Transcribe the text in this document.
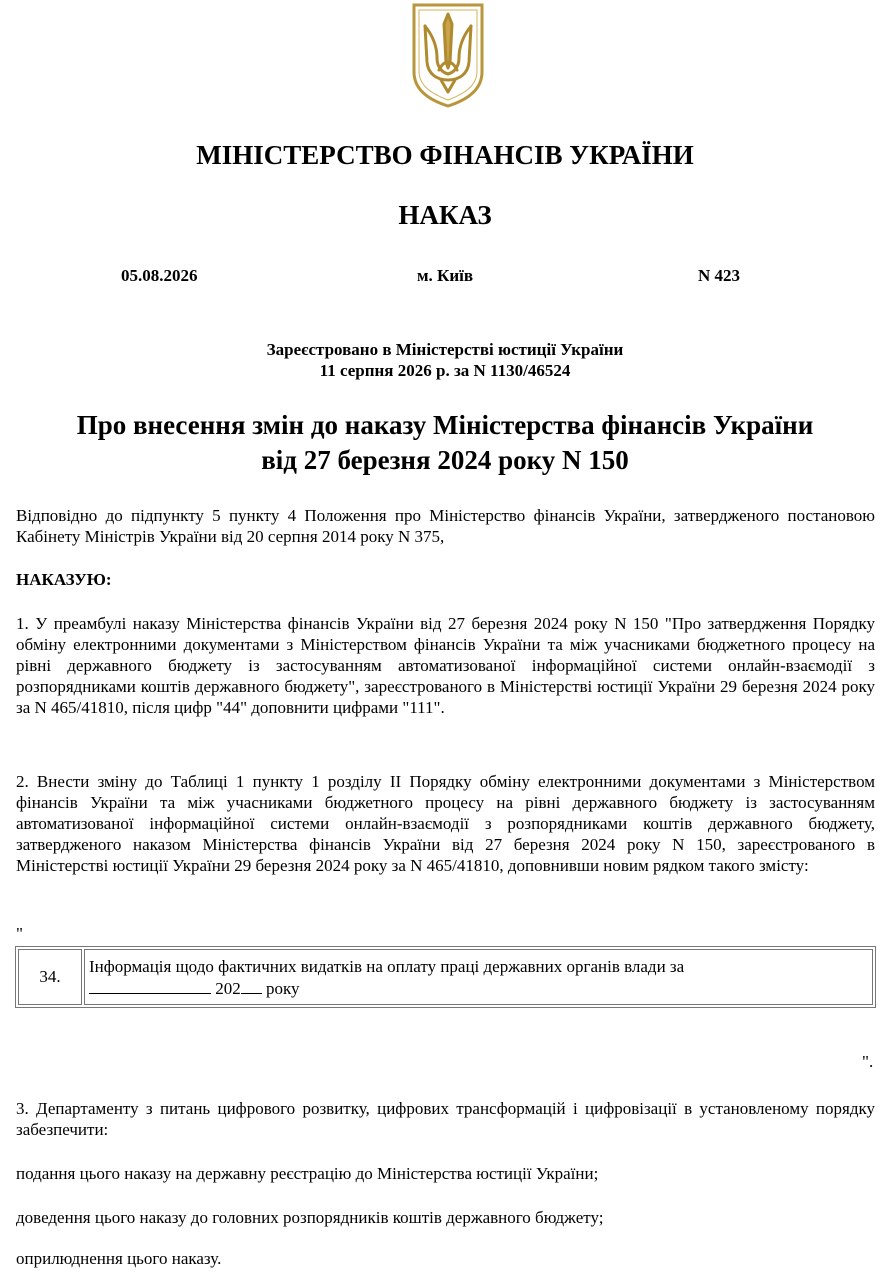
МІНІСТЕРСТВО ФІНАНСІВ УКРАЇНИ
НАКАЗ
05.08.2026	м. Київ	N 423
Зареєстровано в Міністерстві юстиції України
11 серпня 2026 р. за N 1130/46524
Про внесення змін до наказу Міністерства фінансів України
від 27 березня 2024 року N 150

Відповідно до підпункту 5 пункту 4 Положення про Міністерство фінансів України, затвердженого постановою Кабінету Міністрів України від 20 серпня 2014 року N 375,

НАКАЗУЮ:

1. У преамбулі наказу Міністерства фінансів України від 27 березня 2024 року N 150 "Про затвердження Порядку обміну електронними документами з Міністерством фінансів України та між учасниками бюджетного процесу на рівні державного бюджету із застосуванням автоматизованої інформаційної системи онлайн-взаємодії з розпорядниками коштів державного бюджету", зареєстрованого в Міністерстві юстиції України 29 березня 2024 року за N 465/41810, після цифр "44" доповнити цифрами "111".

2. Внести зміну до Таблиці 1 пункту 1 розділу II Порядку обміну електронними документами з Міністерством фінансів України та між учасниками бюджетного процесу на рівні державного бюджету із застосуванням автоматизованої інформаційної системи онлайн-взаємодії з розпорядниками коштів державного бюджету, затвердженого наказом Міністерства фінансів України від 27 березня 2024 року N 150, зареєстрованого в Міністерстві юстиції України 29 березня 2024 року за N 465/41810, доповнивши новим рядком такого змісту:

"
34.	Інформація щодо фактичних видатків на оплату праці державних органів влади за
202 року
".

3. Департаменту з питань цифрового розвитку, цифрових трансформацій і цифровізації в установленому порядку забезпечити:

подання цього наказу на державну реєстрацію до Міністерства юстиції України;

доведення цього наказу до головних розпорядників коштів державного бюджету;

оприлюднення цього наказу.
